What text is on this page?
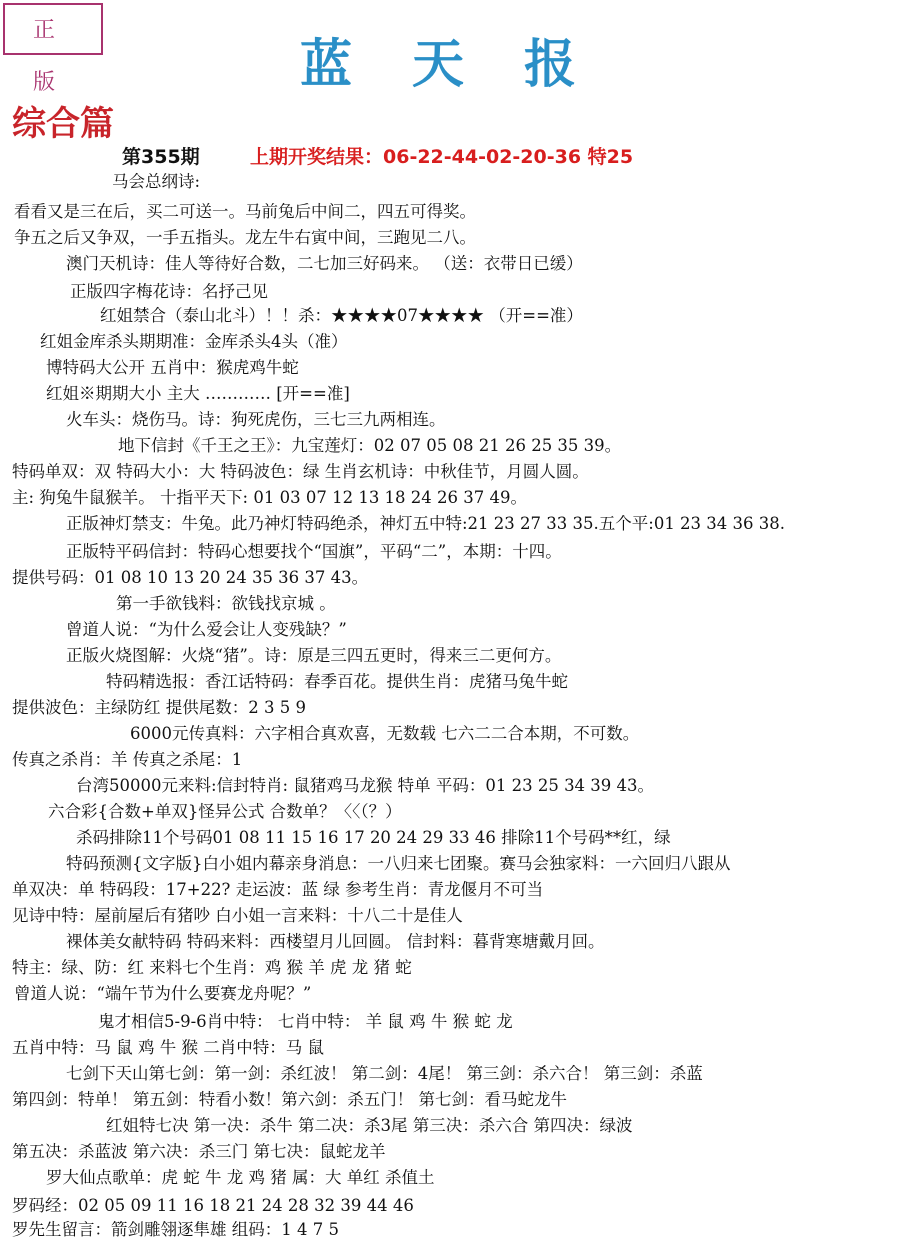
正 版	蓝天报
综合篇
第355期	上期开奖结果：06-22-44-02-20-36 特25
马会总纲诗:
看看又是三在后，买二可送一。马前兔后中间二，四五可得奖。
争五之后又争双，一手五指头。龙左牛右寅中间，三跑见二八。
澳门天机诗：佳人等待好合数，二七加三好码来。 （送：衣带日已缓）
正版四字梅花诗：名抒己见
红姐禁合（泰山北斗）！！杀：★★★★07★★★★ （开==准）
红姐金库杀头期期准：金库杀头4头（准）
博特码大公开 五肖中：猴虎鸡牛蛇
红姐※期期大小 主大 ………… [开==准]
火车头：烧伤马。诗：狗死虎伤，三七三九两相连。
地下信封《千王之王》：九宝莲灯：02 07 05 08 21 26 25 35 39。
特码单双：双 特码大小：大 特码波色：绿 生肖玄机诗：中秋佳节，月圆人圆。
主: 狗兔牛鼠猴羊。 十指平天下: 01 03 07 12 13 18 24 26 37 49。
正版神灯禁支：牛兔。此乃神灯特码绝杀，神灯五中特:21 23 27 33 35.五个平:01 23 34 36 38.
正版特平码信封：特码心想要找个“国旗”，平码“二”，本期：十四。
提供号码：01 08 10 13 20 24 35 36 37 43。
第一手欲钱料：欲钱找京城 。
曾道人说：“为什么爱会让人变残缺？”
正版火烧图解：火烧“猪”。诗：原是三四五更时，得来三二更何方。
特码精选报：香江话特码：春季百花。提供生肖：虎猪马兔牛蛇
提供波色：主绿防红 提供尾数：2 3 5 9
6000元传真料：六字相合真欢喜，无数载 七六二二合本期，不可数。
传真之杀肖：羊 传真之杀尾：1
台湾50000元来料:信封特肖: 鼠猪鸡马龙猴 特单 平码：01 23 25 34 39 43。
六合彩{合数+单双}怪异公式 合数单？〈〈（？）
杀码排除11个号码01 08 11 15 16 17 20 24 29 33 46 排除11个号码**红，绿
特码预测{文字版}白小姐内幕亲身消息：一八归来七团聚。赛马会独家料：一六回归八跟从
单双决：单 特码段：17+22? 走运波：蓝 绿 参考生肖：青龙偃月不可当
见诗中特：屋前屋后有猪吵 白小姐一言来料：十八二十是佳人
裸体美女献特码 特码来料：西楼望月儿回圆。 信封料：暮背寒塘戴月回。
特主：绿、防：红 来料七个生肖：鸡 猴 羊 虎 龙 猪 蛇
曾道人说：“端午节为什么要赛龙舟呢？”
鬼才相信5-9-6肖中特： 七肖中特： 羊 鼠 鸡 牛 猴 蛇 龙
五肖中特：马 鼠 鸡 牛 猴 二肖中特：马 鼠
七剑下天山第七剑：第一剑：杀红波！ 第二剑：4尾！ 第三剑：杀六合！ 第三剑：杀蓝
第四剑：特单！ 第五剑：特看小数！第六剑：杀五门！ 第七剑：看马蛇龙牛
红姐特七决 第一决：杀牛 第二决：杀3尾 第三决：杀六合 第四决：绿波
第五决：杀蓝波 第六决：杀三门 第七决：鼠蛇龙羊
罗大仙点歌单：虎 蛇 牛 龙 鸡 猪 属：大 单红 杀值土
罗码经：02 05 09 11 16 18 21 24 28 32 39 44 46
罗先生留言：箭剑雕翎逐隼雄 组码：1 4 7 5
